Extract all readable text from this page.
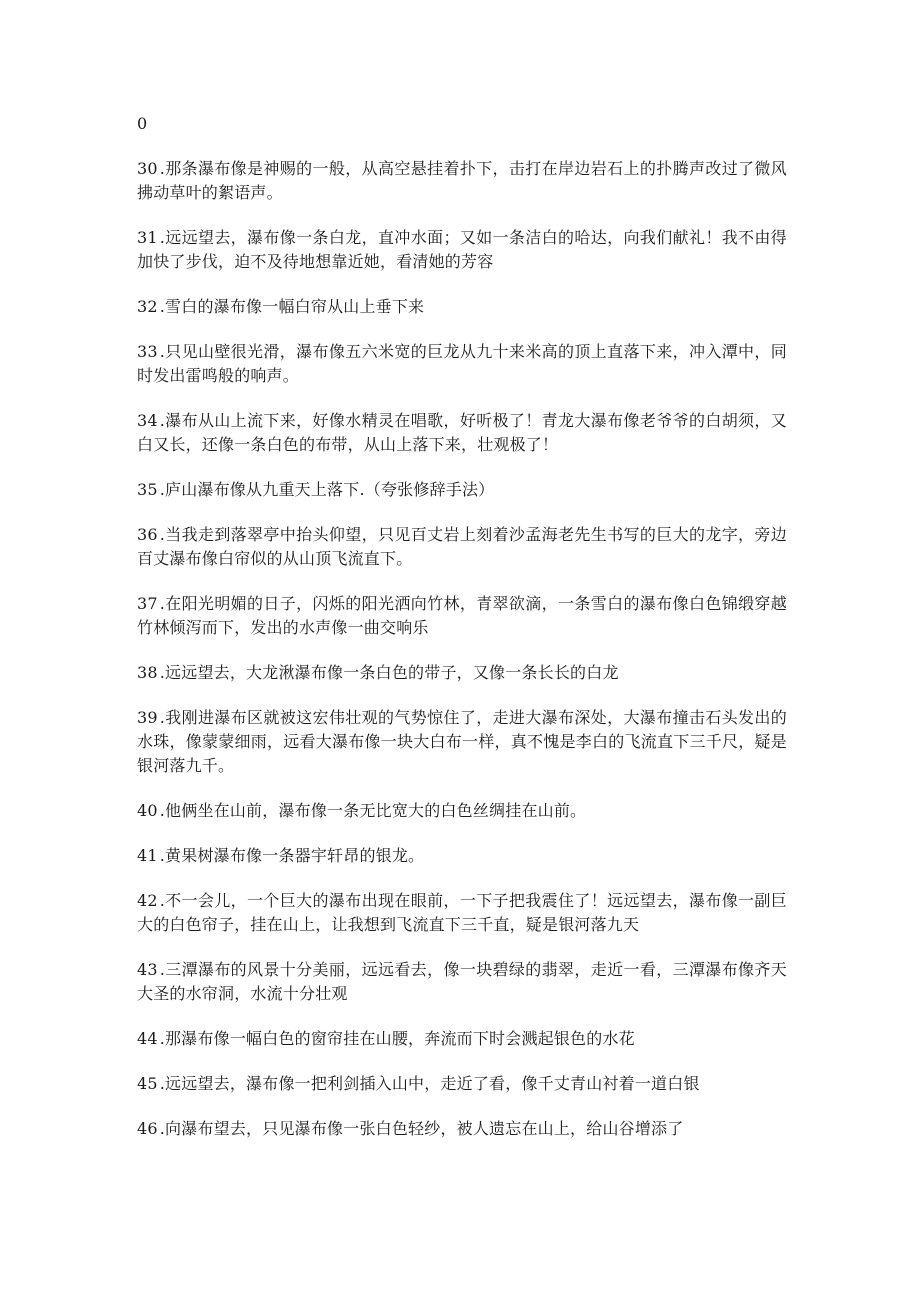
0

30 .那条瀑布像是神赐的一般，从高空悬挂着扑下，击打在岸边岩石上的扑腾声改过了微风拂动草叶的絮语声。
31 .远远望去，瀑布像一条白龙，直冲水面；又如一条洁白的哈达，向我们献礼！我不由得加快了步伐，迫不及待地想靠近她，看清她的芳容
32 .雪白的瀑布像一幅白帘从山上垂下来
33 .只见山壁很光滑，瀑布像五六米宽的巨龙从九十来米高的顶上直落下来，冲入潭中，同时发出雷鸣般的响声。
34 .瀑布从山上流下来，好像水精灵在唱歌，好听极了！青龙大瀑布像老爷爷的白胡须，又白又长，还像一条白色的布带，从山上落下来，壮观极了！
35 .庐山瀑布像从九重天上落下.（夸张修辞手法）
36 .当我走到落翠亭中抬头仰望，只见百丈岩上刻着沙孟海老先生书写的巨大的龙字，旁边百丈瀑布像白帘似的从山顶飞流直下。
37 .在阳光明媚的日子，闪烁的阳光洒向竹林，青翠欲滴，一条雪白的瀑布像白色锦缎穿越竹林倾泻而下，发出的水声像一曲交响乐
38 .远远望去，大龙湫瀑布像一条白色的带子，又像一条长长的白龙
39 .我刚进瀑布区就被这宏伟壮观的气势惊住了，走进大瀑布深处，大瀑布撞击石头发出的水珠，像蒙蒙细雨，远看大瀑布像一块大白布一样，真不愧是李白的飞流直下三千尺，疑是银河落九千。
40 .他俩坐在山前，瀑布像一条无比宽大的白色丝绸挂在山前。
41 .黄果树瀑布像一条器宇轩昂的银龙。
42 .不一会儿，一个巨大的瀑布出现在眼前，一下子把我震住了！远远望去，瀑布像一副巨大的白色帘子，挂在山上，让我想到飞流直下三千直，疑是银河落九天
43 .三潭瀑布的风景十分美丽，远远看去，像一块碧绿的翡翠，走近一看，三潭瀑布像齐天大圣的水帘洞，水流十分壮观
44 .那瀑布像一幅白色的窗帘挂在山腰，奔流而下时会溅起银色的水花
45 .远远望去，瀑布像一把利剑插入山中，走近了看，像千丈青山衬着一道白银
46 .向瀑布望去，只见瀑布像一张白色轻纱，被人遗忘在山上，给山谷增添了
